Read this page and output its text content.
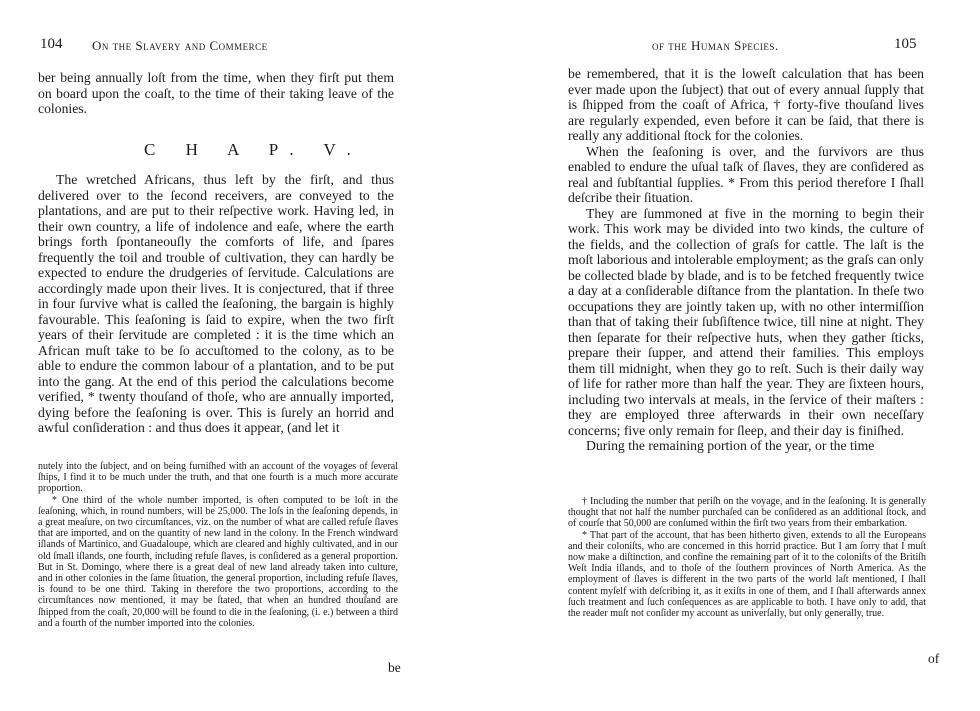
104 On the Slavery and Commerce

ber being annually loſt from the time, when they firſt put them on board upon the coaſt, to the time of their taking leave of the colonies.

C H A P. V.

The wretched Africans, thus left by the firſt, and thus delivered over to the ſecond receivers, are conveyed to the plantations, and are put to their reſpective work. Having led, in their own country, a life of indolence and eaſe, where the earth brings forth ſpontaneouſly the comforts of life, and ſpares frequently the toil and trouble of cultivation, they can hardly be expected to endure the drudgeries of ſervitude. Calculations are accordingly made upon their lives. It is conjectured, that if three in four ſurvive what is called the ſeaſoning, the bargain is highly favourable. This ſeaſoning is ſaid to expire, when the two firſt years of their ſervitude are completed : it is the time which an African muſt take to be ſo accuſtomed to the colony, as to be able to endure the common labour of a plantation, and to be put into the gang. At the end of this period the calculations become verified, * twenty thouſand of thoſe, who are annually imported, dying before the ſeaſoning is over. This is ſurely an horrid and awful conſideration : and thus does it appear, (and let it

nutely into the ſubject, and on being furniſhed with an account of the voyages of ſeveral ſhips, I find it to be much under the truth, and that one fourth is a much more accurate proportion.

* One third of the whole number imported, is often computed to be loſt in the ſeaſoning, which, in round numbers, will be 25,000. The loſs in the ſeaſoning depends, in a great meaſure, on two circumſtances, viz. on the number of what are called refuſe ſlaves that are imported, and on the quantity of new land in the colony. In the French windward iſlands of Martinico, and Guadaloupe, which are cleared and highly cultivated, and in our old ſmall iſlands, one fourth, including refuſe ſlaves, is conſidered as a general proportion. But in St. Domingo, where there is a great deal of new land already taken into culture, and in other colonies in the ſame ſituation, the general proportion, including refuſe ſlaves, is found to be one third. Taking in therefore the two proportions, according to the circumſtances now mentioned, it may be ſtated, that when an hundred thouſand are ſhipped from the coaſt, 20,000 will be found to die in the ſeaſoning, (i. e.) between a third and a fourth of the number imported into the colonies.

be
of the Human Species.	105

be remembered, that it is the loweſt calculation that has been ever made upon the ſubject) that out of every annual ſupply that is ſhipped from the coaſt of Africa, † forty-five thouſand lives are regularly expended, even before it can be ſaid, that there is really any additional ſtock for the colonies.

When the ſeaſoning is over, and the ſurvivors are thus enabled to endure the uſual taſk of ſlaves, they are conſidered as real and ſubſtantial ſupplies. * From this period therefore I ſhall deſcribe their ſituation.

They are ſummoned at five in the morning to begin their work. This work may be divided into two kinds, the culture of the fields, and the collection of graſs for cattle. The laſt is the moſt laborious and intolerable employment; as the graſs can only be collected blade by blade, and is to be fetched frequently twice a day at a conſiderable diſtance from the plantation. In theſe two occupations they are jointly taken up, with no other intermiſſion than that of taking their ſubſiſtence twice, till nine at night. They then ſeparate for their reſpective huts, when they gather ſticks, prepare their ſupper, and attend their families. This employs them till midnight, when they go to reſt. Such is their daily way of life for rather more than half the year. They are ſixteen hours, including two intervals at meals, in the ſervice of their maſters : they are employed three afterwards in their own neceſſary concerns; five only remain for ſleep, and their day is finiſhed.

During the remaining portion of the year, or the time

† Including the number that periſh on the voyage, and in the ſeaſoning. It is generally thought that not half the number purchaſed can be conſidered as an additional ſtock, and of courſe that 50,000 are conſumed within the firſt two years from their embarkation.

* That part of the account, that has been hitherto given, extends to all the Europeans and their coloniſts, who are concerned in this horrid practice. But I am ſorry that I muſt now make a diſtinction, and confine the remaining part of it to the coloniſts of the Britiſh Weſt India iſlands, and to thoſe of the ſouthern provinces of North America. As the employment of ſlaves is different in the two parts of the world laſt mentioned, I ſhall content myſelf with deſcribing it, as it exiſts in one of them, and I ſhall afterwards annex ſuch treatment and ſuch conſequences as are applicable to both. I have only to add, that the reader muſt not conſider my account as univerſally, but only generally, true.

of
